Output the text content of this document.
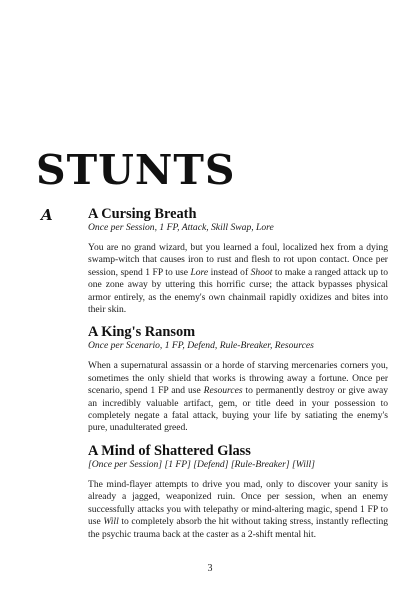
STUNTS
A A Cursing Breath

Once per Session, 1 FP, Attack, Skill Swap, Lore

You are no grand wizard, but you learned a foul, localized hex from a dying swamp-witch that causes iron to rust and flesh to rot upon contact. Once per session, spend 1 FP to use Lore instead of Shoot to make a ranged attack up to one zone away by uttering this horrific curse; the attack bypasses physical armor entirely, as the enemy's own chainmail rapidly oxidizes and bites into their skin.

A King's Ransom

Once per Scenario, 1 FP, Defend, Rule-Breaker, Resources

When a supernatural assassin or a horde of starving mercenaries corners you, sometimes the only shield that works is throwing away a fortune. Once per scenario, spend 1 FP and use Resources to permanently destroy or give away an incredibly valuable artifact, gem, or title deed in your possession to completely negate a fatal attack, buying your life by satiating the enemy's pure, unadulterated greed.

A Mind of Shattered Glass

[Once per Session] [1 FP] [Defend] [Rule-Breaker] [Will]

The mind-flayer attempts to drive you mad, only to discover your sanity is already a jagged, weaponized ruin. Once per session, when an enemy successfully attacks you with telepathy or mind-altering magic, spend 1 FP to use Will to completely absorb the hit without taking stress, instantly reflecting the psychic trauma back at the caster as a 2-shift mental hit.

3
